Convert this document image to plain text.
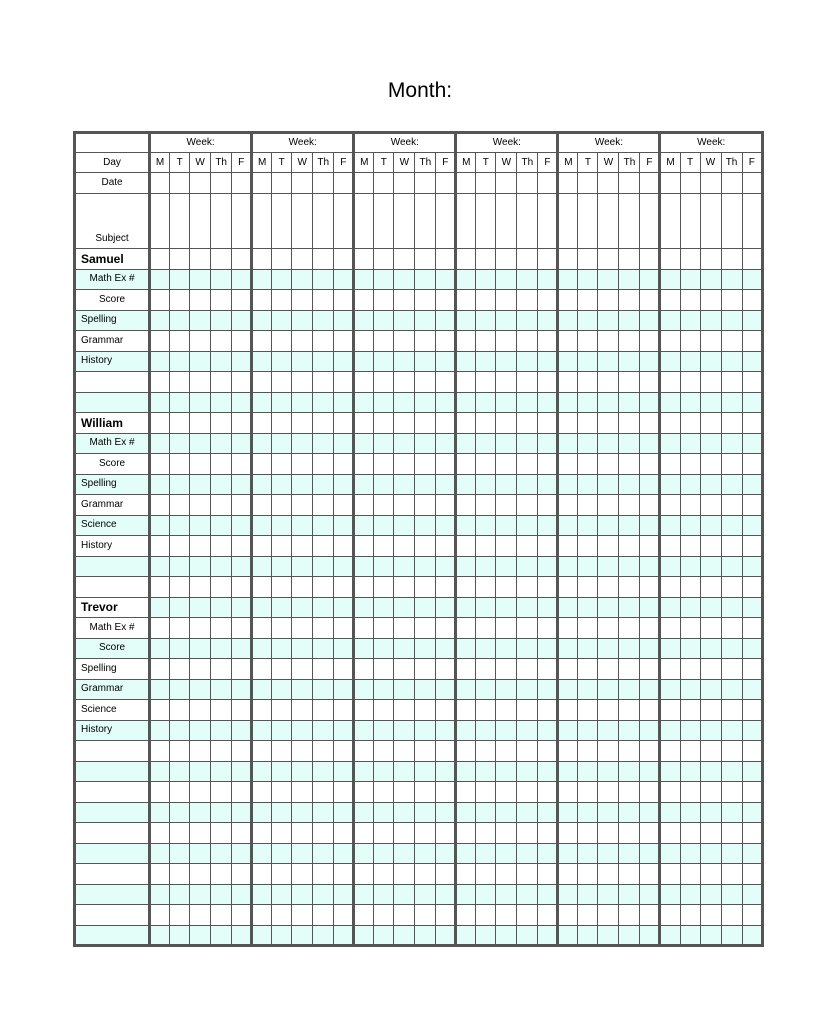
Month:
	Week:					Week:					Week:					Week:					Week:					Week:				
Day	M	T	W	Th	F	M	T	W	Th	F	M	T	W	Th	F	M	T	W	Th	F	M	T	W	Th	F	M	T	W	Th	F
Date																														
Subject																														
Samuel																														
Math Ex #																														
Score																														
Spelling																														
Grammar																														
History																														

William																														
Math Ex #																														
Score																														
Spelling																														
Grammar																														
Science																														
History																														

Trevor																														
Math Ex #																														
Score																														
Spelling																														
Grammar																														
Science																														
History																														
